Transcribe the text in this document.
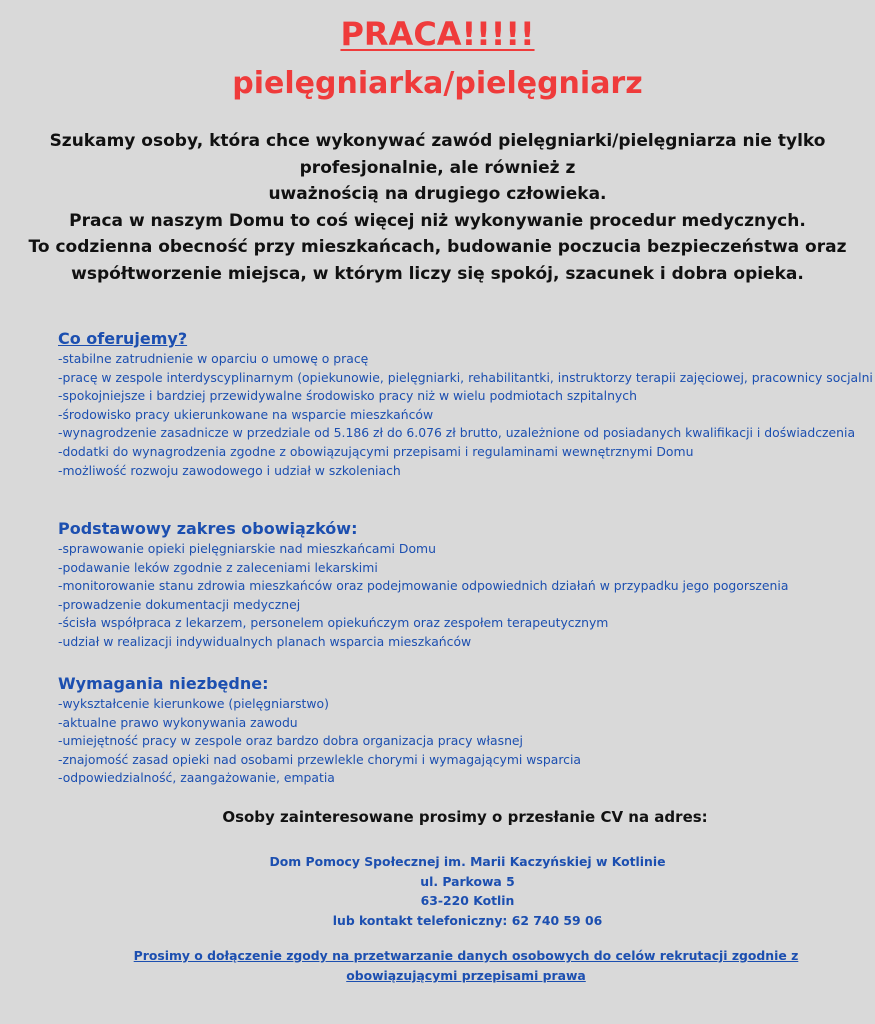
PRACA!!!!!
pielęgniarka/pielęgniarz
Szukamy osoby, która chce wykonywać zawód pielęgniarki/pielęgniarza nie tylko
profesjonalnie, ale również z
uważnością na drugiego człowieka.
Praca w naszym Domu to coś więcej niż wykonywanie procedur medycznych.
To codzienna obecność przy mieszkańcach, budowanie poczucia bezpieczeństwa oraz
współtworzenie miejsca, w którym liczy się spokój, szacunek i dobra opieka.
Co oferujemy?
-stabilne zatrudnienie w oparciu o umowę o pracę
-pracę w zespole interdyscyplinarnym (opiekunowie, pielęgniarki, rehabilitantki, instruktorzy terapii zajęciowej, pracownicy socjalni
-spokojniejsze i bardziej przewidywalne środowisko pracy niż w wielu podmiotach szpitalnych
-środowisko pracy ukierunkowane na wsparcie mieszkańców
-wynagrodzenie zasadnicze w przedziale od 5.186 zł do 6.076 zł brutto, uzależnione od posiadanych kwalifikacji i doświadczenia
-dodatki do wynagrodzenia zgodne z obowiązującymi przepisami i regulaminami wewnętrznymi Domu
-możliwość rozwoju zawodowego i udział w szkoleniach
Podstawowy zakres obowiązków:
-sprawowanie opieki pielęgniarskie nad mieszkańcami Domu
-podawanie leków zgodnie z zaleceniami lekarskimi
-monitorowanie stanu zdrowia mieszkańców oraz podejmowanie odpowiednich działań w przypadku jego pogorszenia
-prowadzenie dokumentacji medycznej
-ścisła współpraca z lekarzem, personelem opiekuńczym oraz zespołem terapeutycznym
-udział w realizacji indywidualnych planach wsparcia mieszkańców
Wymagania niezbędne:
-wykształcenie kierunkowe (pielęgniarstwo)
-aktualne prawo wykonywania zawodu
-umiejętność pracy w zespole oraz bardzo dobra organizacja pracy własnej
-znajomość zasad opieki nad osobami przewlekle chorymi i wymagającymi wsparcia
-odpowiedzialność, zaangażowanie, empatia
Osoby zainteresowane prosimy o przesłanie CV na adres:
Dom Pomocy Społecznej im. Marii Kaczyńskiej w Kotlinie
ul. Parkowa 5
63-220 Kotlin
lub kontakt telefoniczny: 62 740 59 06
Prosimy o dołączenie zgody na przetwarzanie danych osobowych do celów rekrutacji zgodnie z obowiązującymi przepisami prawa
